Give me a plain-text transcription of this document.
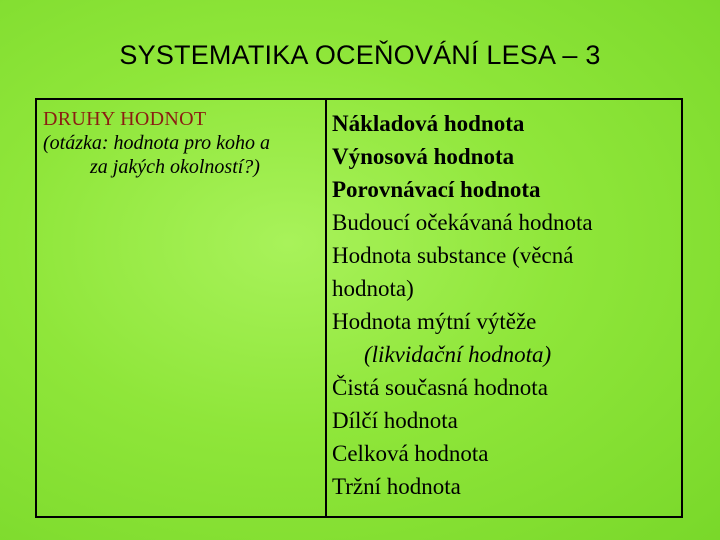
SYSTEMATIKA OCEŇOVÁNÍ LESA – 3
DRUHY HODNOT
(otázka: hodnota pro koho a
za jakých okolností?)
Nákladová hodnota
Výnosová hodnota
Porovnávací hodnota
Budoucí očekávaná hodnota
Hodnota substance (věcná
hodnota)
Hodnota mýtní výtěže
(likvidační hodnota)
Čistá současná hodnota
Dílčí hodnota
Celková hodnota
Tržní hodnota
